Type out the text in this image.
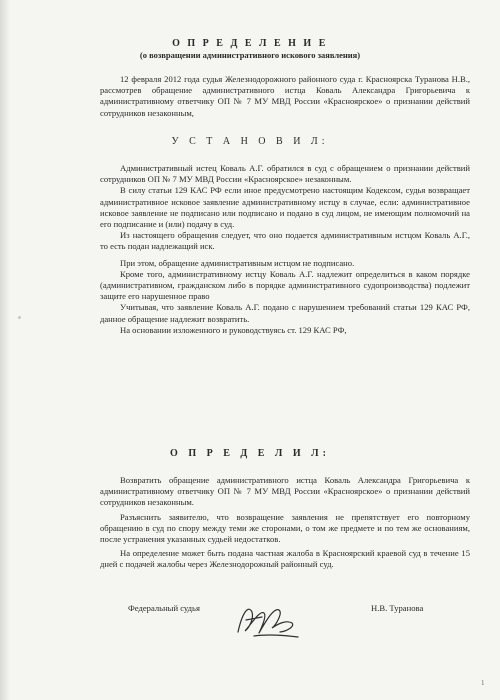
О П Р Е Д Е Л Е Н И Е
(о возвращении административного искового заявления)

12 февраля 2012 года судья Железнодорожного районного суда г. Красноярска Туранова Н.В., рассмотрев обращение административного истца Коваль Александра Григорьевича к административному ответчику ОП № 7 МУ МВД России «Красноярское» о признании действий сотрудников незаконным,

У С Т А Н О В И Л:

Административный истец Коваль А.Г. обратился в суд с обращением о признании действий сотрудников ОП № 7 МУ МВД России «Красноярское» незаконным.

В силу статьи 129 КАС РФ если иное предусмотрено настоящим Кодексом, судья возвращает административное исковое заявление административному истцу в случае, если: административное исковое заявление не подписано или подписано и подано в суд лицом, не имеющим полномочий на его подписание и (или) подачу в суд.

Из настоящего обращения следует, что оно подается административным истцом Коваль А.Г., то есть подан надлежащий иск.

При этом, обращение административным истцом не подписано.

Кроме того, административному истцу Коваль А.Г. надлежит определиться в каком порядке (административном, гражданском либо в порядке административного судопроизводства) подлежит защите его нарушенное право

Учитывая, что заявление Коваль А.Г. подано с нарушением требований статьи 129 КАС РФ, данное обращение надлежит возвратить.

На основании изложенного и руководствуясь ст. 129 КАС РФ,

О П Р Е Д Е Л И Л:

Возвратить обращение административного истца Коваль Александра Григорьевича к административному ответчику ОП № 7 МУ МВД России «Красноярское» о признании действий сотрудников незаконным.

Разъяснить заявителю, что возвращение заявления не препятствует его повторному обращению в суд по спору между теми же сторонами, о том же предмете и по тем же основаниям, после устранения указанных судьей недостатков.

На определение может быть подана частная жалоба в Красноярский краевой суд в течение 15 дней с подачей жалобы через Железнодорожный районный суд.

Федеральный судья	Н.В. Туранова
1
